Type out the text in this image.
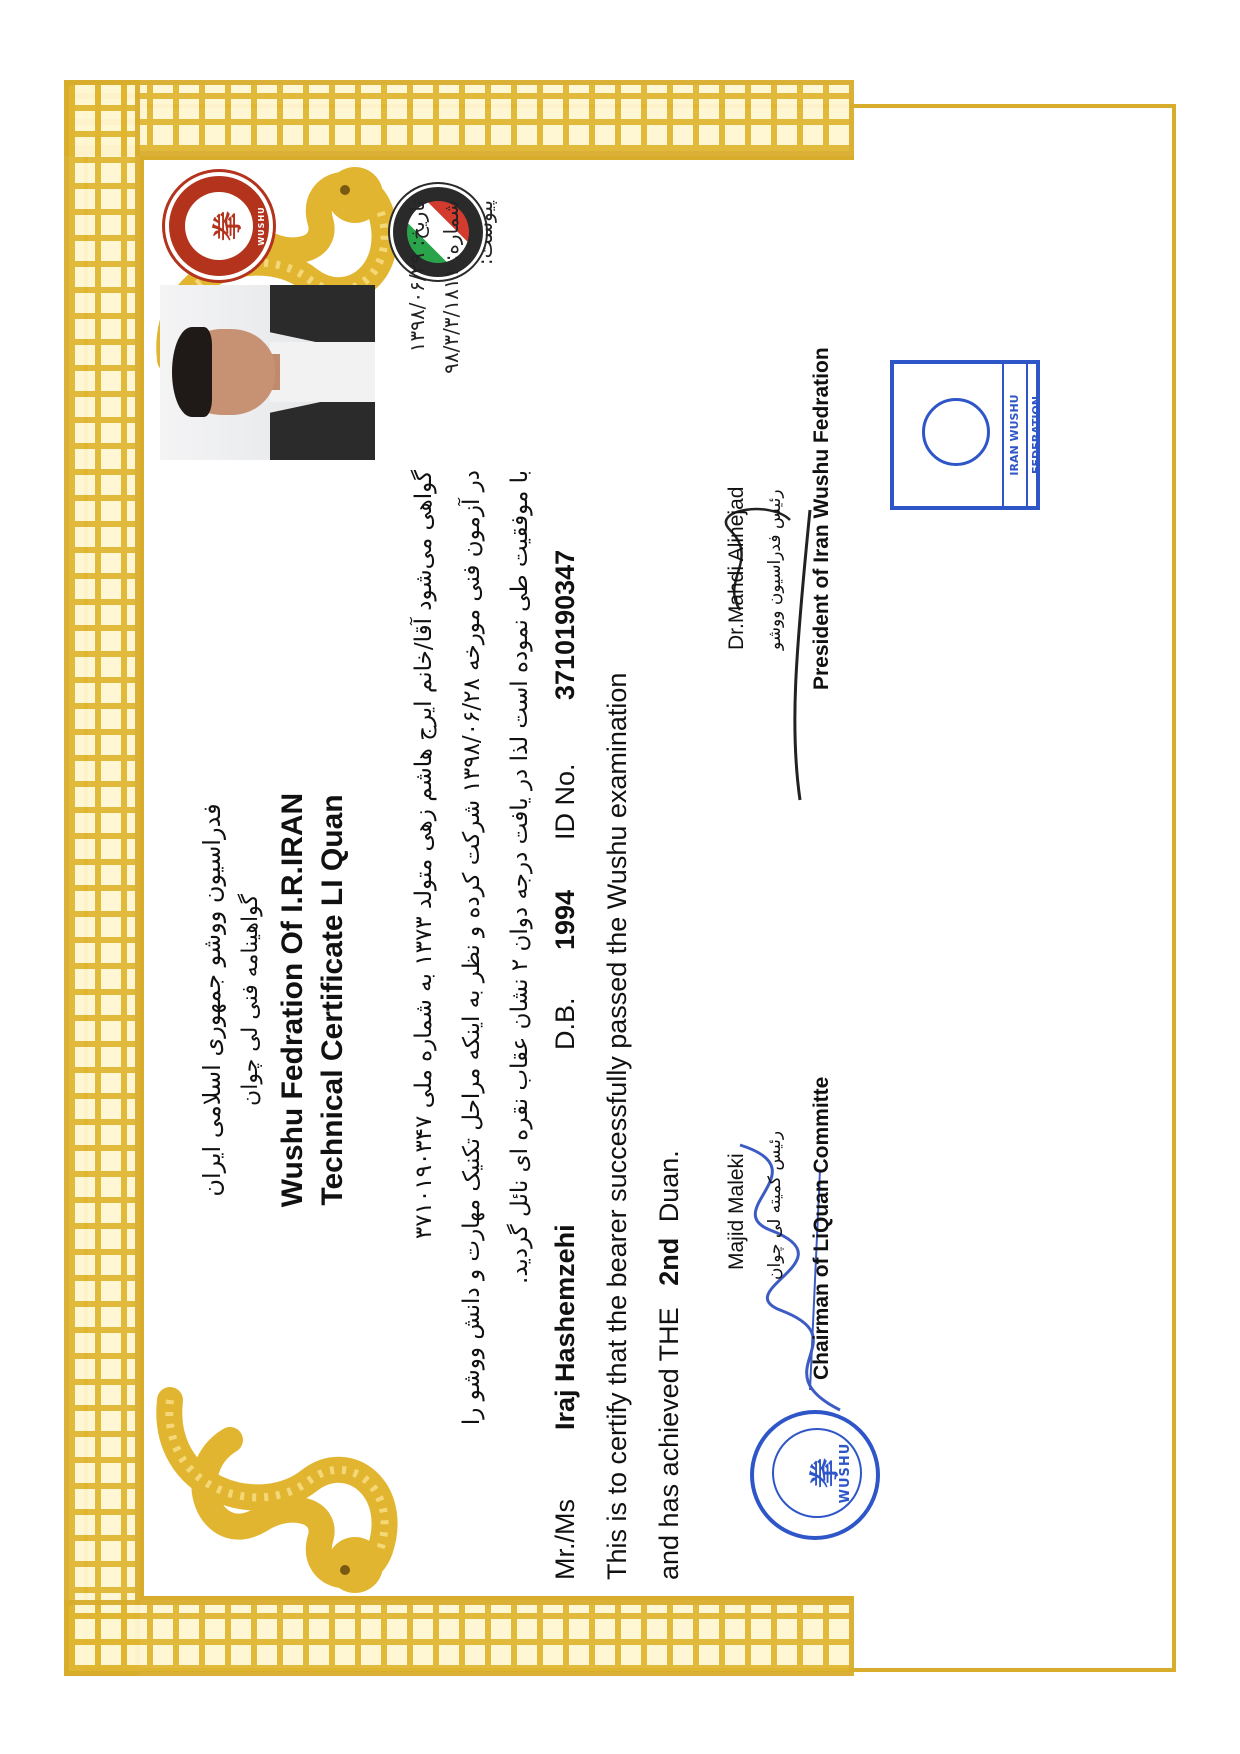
拳 WUSHU
فدراسیون ووشو جمهوری اسلامی ایران گواهینامه فنی لی چوان Wushu Fedration Of I.R.IRAN Technical Certificate LI Quan
تاریخ: ۱۳۹۸/۰۶/۲۹
شماره: ۹۸/۳/۳/۱۸۱۱ پیوست:
گواهی می‌شود آقا/خانم ایرج هاشم زهی متولد ۱۳۷۳ به شماره ملی ۳۷۱۰۱۹۰۳۴۷
در آزمون فنی مورخه ۱۳۹۸/۰۶/۲۸ شرکت کرده و نظر به اینکه مراحل تکنیک مهارت و دانش ووشو را
با موفقیت طی نموده است لذا در یافت درجه دوان ۲ نشان عقاب نقره ای نائل گردید.
Mr./Ms
Iraj Hashemzehi
D.B.
1994
ID No.
3710190347
This is to certify that the bearer successfully passed the Wushu examination and has achieved THE 2nd Duan.
拳
WUSHU
Majid Maleki رئیس کمیته لی چوان Chairman of LiQuan Committe
IRAN WUSHU FEDERATION
Dr.Mahdi Alinejad رئیس فدراسیون ووشو President of Iran Wushu Fedration
